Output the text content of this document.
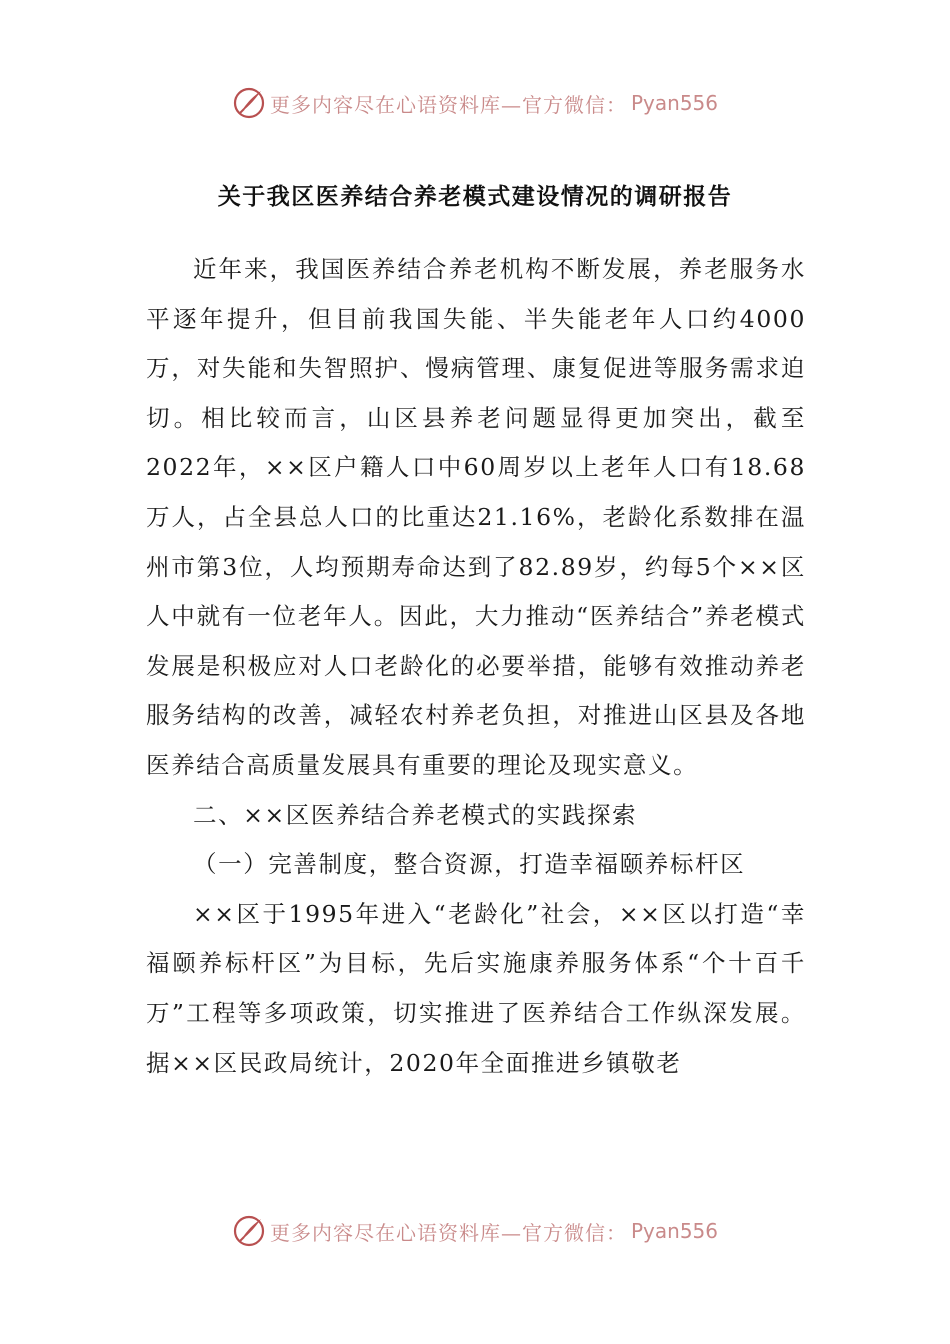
更多内容尽在心语资料库—官方微信： Pyan556
关于我区医养结合养老模式建设情况的调研报告

近年来，我国医养结合养老机构不断发展，养老服务水平逐年提升，但目前我国失能、半失能老年人口约4000万，对失能和失智照护、慢病管理、康复促进等服务需求迫切。相比较而言，山区县养老问题显得更加突出，截至2022年，××区户籍人口中60周岁以上老年人口有18.68万人，占全县总人口的比重达21.16%，老龄化系数排在温州市第3位，人均预期寿命达到了82.89岁，约每5个××区人中就有一位老年人。因此，大力推动“医养结合”养老模式发展是积极应对人口老龄化的必要举措，能够有效推动养老服务结构的改善，减轻农村养老负担，对推进山区县及各地医养结合高质量发展具有重要的理论及现实意义。

二、××区医养结合养老模式的实践探索

（一）完善制度，整合资源，打造幸福颐养标杆区

××区于1995年进入“老龄化”社会，××区以打造“幸福颐养标杆区”为目标，先后实施康养服务体系“个十百千万”工程等多项政策，切实推进了医养结合工作纵深发展。据××区民政局统计，2020年全面推进乡镇敬老

更多内容尽在心语资料库—官方微信： Pyan556
